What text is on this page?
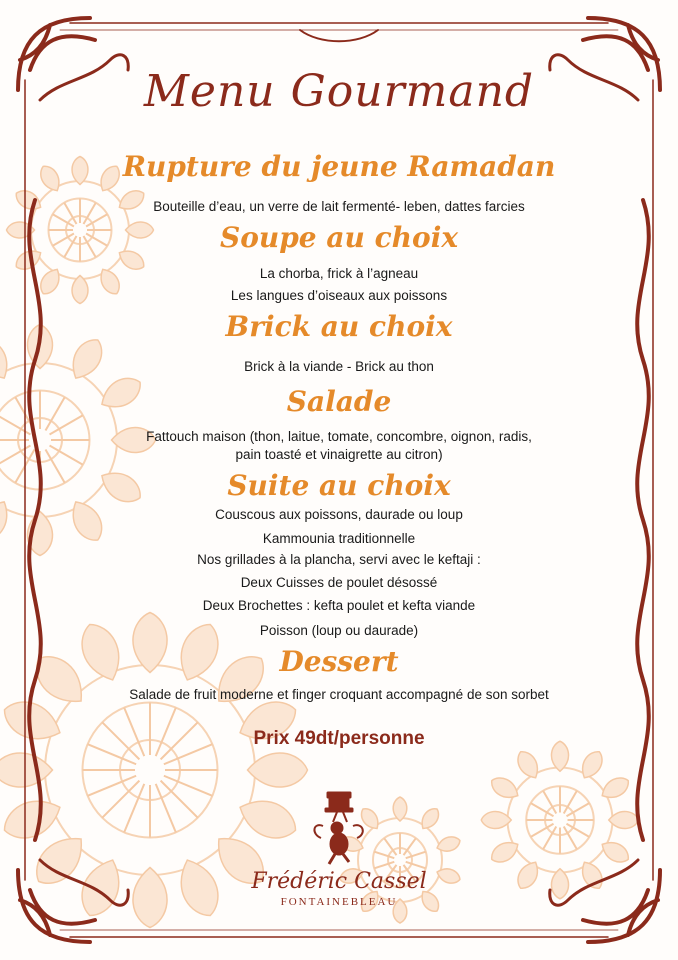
Menu Gourmand
Rupture du jeune Ramadan
Bouteille d’eau, un verre de lait fermenté- leben, dattes farcies
Soupe au choix
La chorba, frick à l’agneau
Les langues d’oiseaux aux poissons
Brick au choix
Brick à la viande - Brick au thon
Salade
Fattouch maison (thon, laitue, tomate, concombre, oignon, radis,
pain toasté et vinaigrette au citron)
Suite au choix
Couscous aux poissons, daurade ou loup
Kammounia traditionnelle
Nos grillades à la plancha, servi avec le keftaji :
Deux Cuisses de poulet désossé
Deux Brochettes : kefta poulet et kefta viande
Poisson (loup ou daurade)
Dessert
Salade de fruit moderne et finger croquant accompagné de son sorbet
Prix 49dt/personne
Frédéric Cassel
FONTAINEBLEAU
